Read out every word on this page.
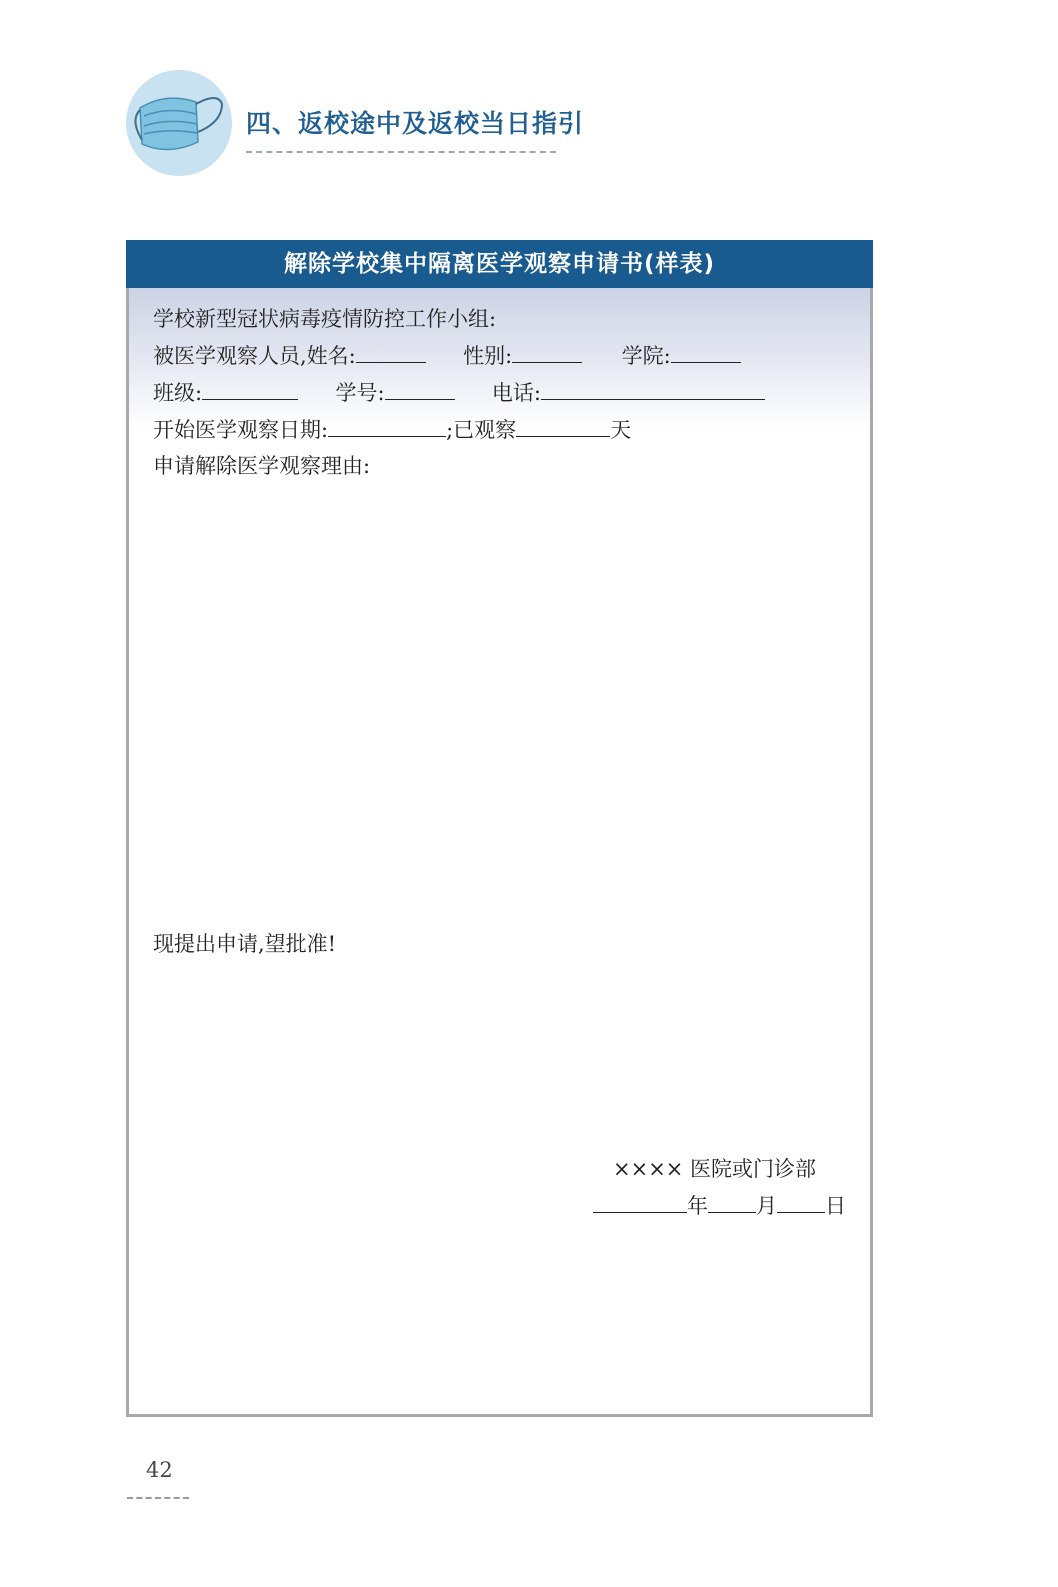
四、返校途中及返校当日指引
解除学校集中隔离医学观察申请书(样表)
学校新型冠状病毒疫情防控工作小组:
被医学观察人员,姓名:	性别:	学院:
班级:	学号:	电话:
开始医学观察日期:	;已观察	天
申请解除医学观察理由:
现提出申请,望批准!
×××× 医院或门诊部
年 月 日
42
